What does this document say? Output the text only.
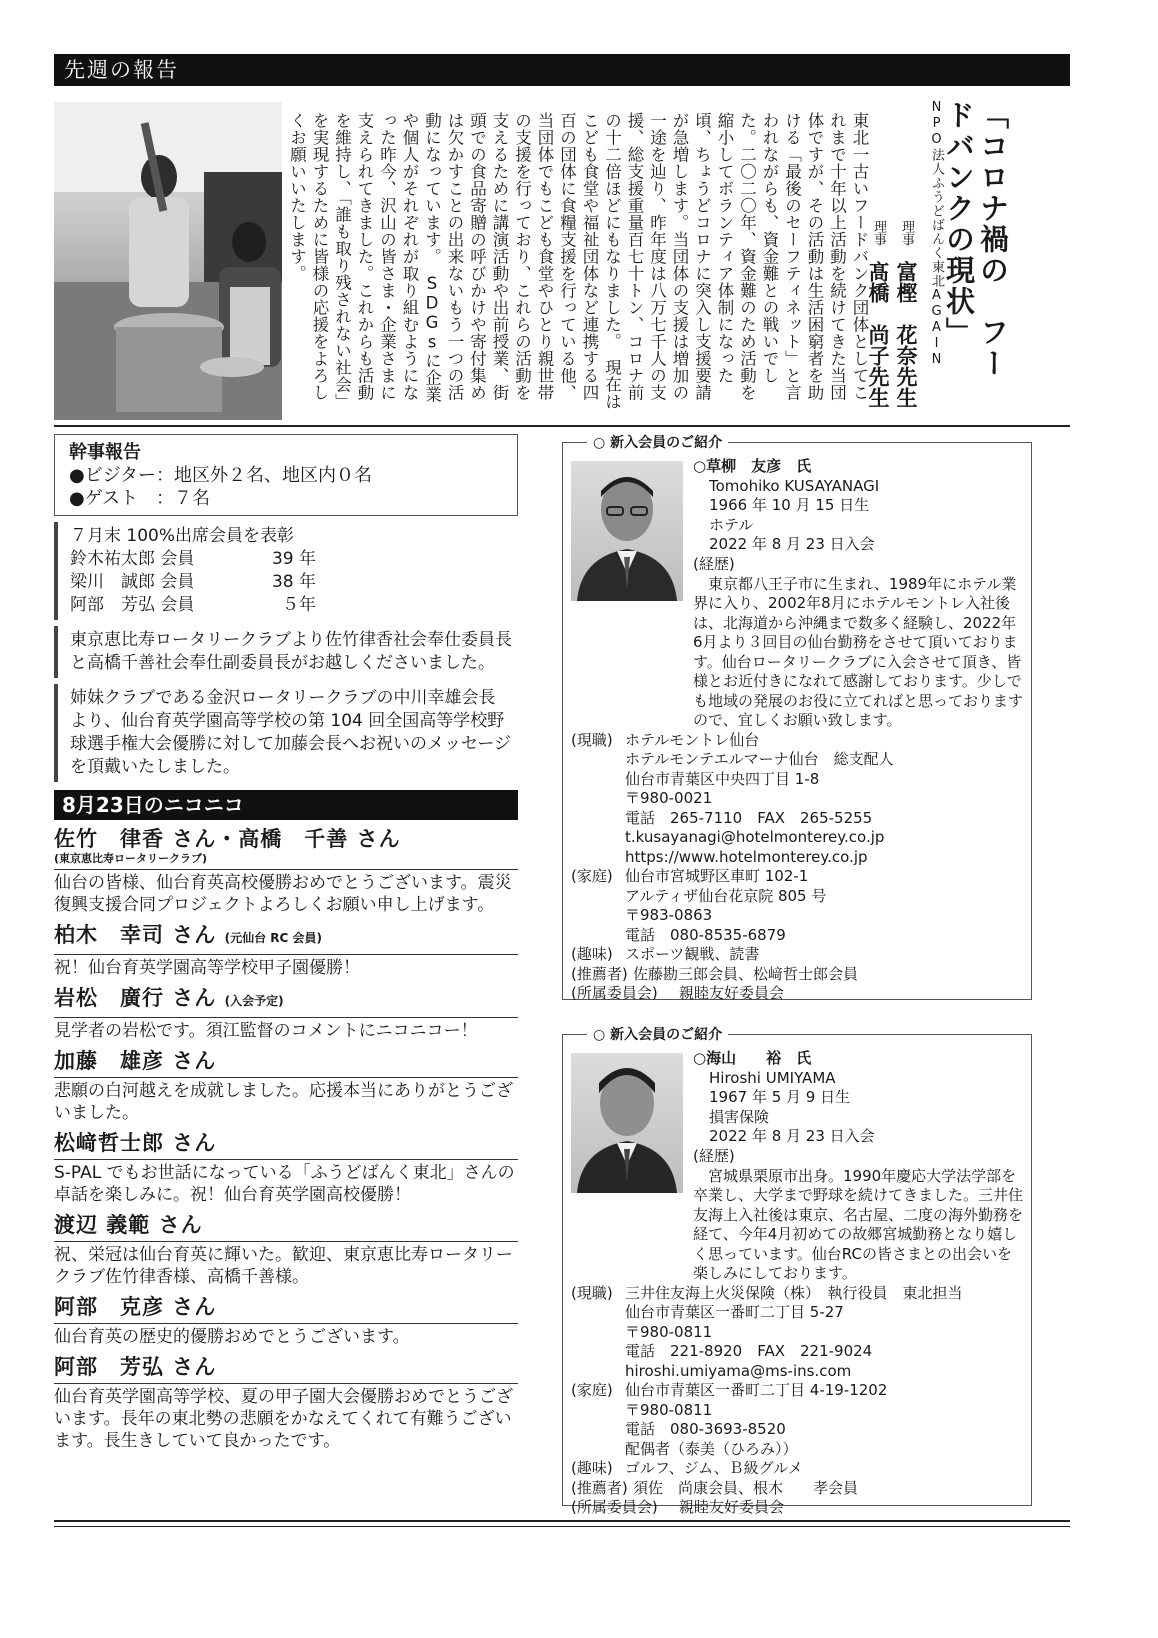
先週の報告
「コロナ禍の　フードバンクの現状」
NPO法人ふうどばんく東北AGAIN
理事 富樫　花奈先生
理事 髙橋　尚子先生
東北一古いフードバンク団体としてこれまで十年以上活動を続けてきた当団体ですが、その活動は生活困窮者を助ける「最後のセーフティネット」と言われながらも、資金難との戦いでした。二〇二〇年、資金難のため活動を縮小してボランティア体制になった頃、ちょうどコロナに突入し支援要請が急増します。当団体の支援は増加の一途を辿り、昨年度は八万七千人の支援、総支援重量百七十トン、コロナ前の十二倍ほどにもなりました。　現在はこども食堂や福祉団体など連携する四百の団体に食糧支援を行っている他、当団体でもこども食堂やひとり親世帯の支援を行っており、これらの活動を支えるために講演活動や出前授業、街頭での食品寄贈の呼びかけや寄付集めは欠かすことの出来ないもう一つの活動になっています。　SDGsに企業や個人がそれぞれが取り組むようになった昨今、沢山の皆さま・企業さまに支えられてきました。これからも活動を維持し、「誰も取り残されない社会」を実現するために皆様の応援をよろしくお願いいたします。
幹事報告
●ビジター：地区外２名、地区内０名
●ゲスト　：７名
７月末 100%出席会員を表彰
鈴木祐太郎 会員	39 年
梁川　誠郎 会員	38 年
阿部　芳弘 会員	５年
東京恵比寿ロータリークラブより佐竹律香社会奉仕委員長と高橋千善社会奉仕副委員長がお越しくださいました。
姉妹クラブである金沢ロータリークラブの中川幸雄会長より、仙台育英学園高等学校の第 104 回全国高等学校野球選手権大会優勝に対して加藤会長へお祝いのメッセージを頂戴いたしました。
8月23日のニコニコ
佐竹　律香 さん・高橋　千善 さん
(東京恵比寿ロータリークラブ)
仙台の皆様、仙台育英高校優勝おめでとうございます。震災復興支援合同プロジェクトよろしくお願い申し上げます。
柏木　幸司 さん (元仙台 RC 会員)
祝！仙台育英学園高等学校甲子園優勝！
岩松　廣行 さん (入会予定)
見学者の岩松です。須江監督のコメントにニコニコー！
加藤　雄彦 さん
悲願の白河越えを成就しました。応援本当にありがとうございました。
松﨑哲士郎 さん
S-PAL でもお世話になっている「ふうどばんく東北」さんの卓話を楽しみに。祝！仙台育英学園高校優勝！
渡辺 義範 さん
祝、栄冠は仙台育英に輝いた。歓迎、東京恵比寿ロータリークラブ佐竹律香様、高橋千善様。
阿部　克彦 さん
仙台育英の歴史的優勝おめでとうございます。
阿部　芳弘 さん
仙台育英学園高等学校、夏の甲子園大会優勝おめでとうございます。長年の東北勢の悲願をかなえてくれて有難うございます。長生きしていて良かったです。
○ 新入会員のご紹介
○草柳　友彦　氏
Tomohiko KUSAYANAGI
1966 年 10 月 15 日生
ホテル
2022 年 8 月 23 日入会
(経歴)
東京都八王子市に生まれ、1989年にホテル業界に入り、2002年8月にホテルモントレ入社後は、北海道から沖縄まで数多く経験し、2022年6月より３回目の仙台勤務をさせて頂いております。仙台ロータリークラブに入会させて頂き、皆様とお近付きになれて感謝しております。少しでも地域の発展のお役に立てればと思っておりますので、宜しくお願い致します。
(現職) ホテルモントレ仙台
ホテルモンテエルマーナ仙台　総支配人
仙台市青葉区中央四丁目 1-8
〒980-0021
電話　265-7110　FAX　265-5255
t.kusayanagi@hotelmonterey.co.jp
https://www.hotelmonterey.co.jp
(家庭) 仙台市宮城野区車町 102-1
アルティザ仙台花京院 805 号
〒983-0863
電話　080-8535-6879
(趣味) スポーツ観戦、読書
(推薦者) 佐藤勘三郎会員、松﨑哲士郎会員
(所属委員会)	親睦友好委員会
○ 新入会員のご紹介
○海山　　裕　氏
Hiroshi UMIYAMA
1967 年 5 月 9 日生
損害保険
2022 年 8 月 23 日入会
(経歴)
宮城県栗原市出身。1990年慶応大学法学部を卒業し、大学まで野球を続けてきました。三井住友海上入社後は東京、名古屋、二度の海外勤務を経て、今年4月初めての故郷宮城勤務となり嬉しく思っています。仙台RCの皆さまとの出会いを楽しみにしております。
(現職) 三井住友海上火災保険（株）　執行役員　東北担当
仙台市青葉区一番町二丁目 5-27
〒980-0811
電話　221-8920　FAX　221-9024
hiroshi.umiyama@ms-ins.com
(家庭) 仙台市青葉区一番町二丁目 4-19-1202
〒980-0811
電話　080-3693-8520
配偶者（泰美（ひろみ））
(趣味) ゴルフ、ジム、Ｂ級グルメ
(推薦者) 須佐　尚康会員、根木　　孝会員
(所属委員会)	親睦友好委員会
